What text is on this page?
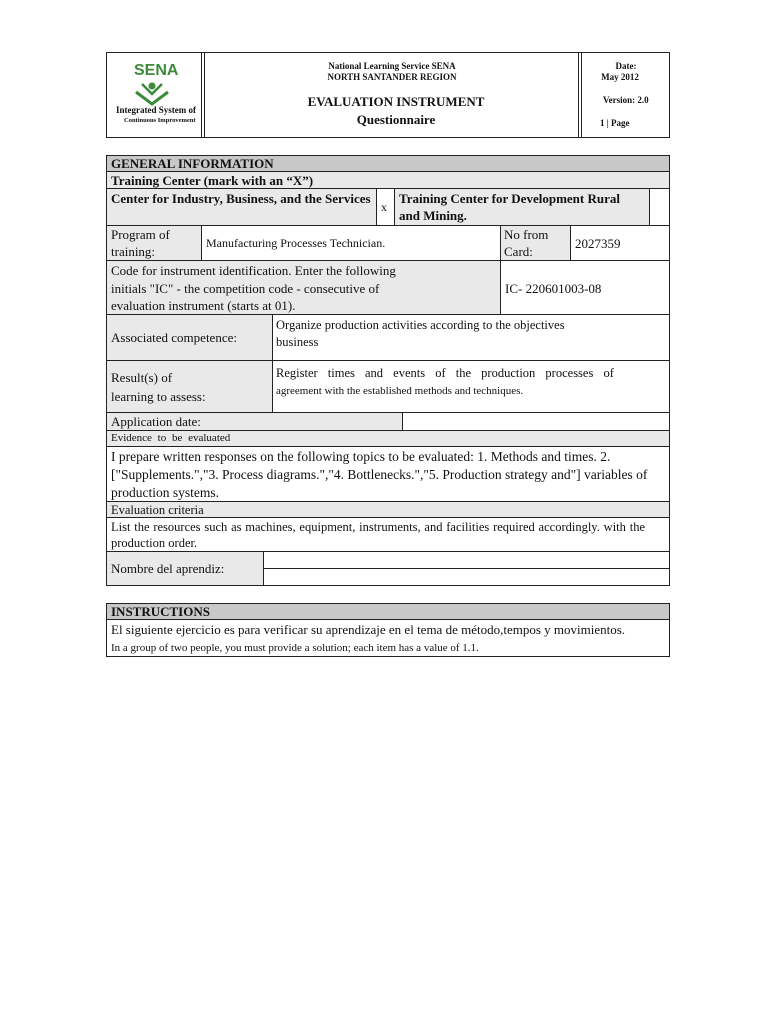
SENA
Integrated System of
Continuous Improvement
National Learning Service SENA
NORTH SANTANDER REGION
EVALUATION INSTRUMENT
Questionnaire
Date:
May 2012
Version: 2.0
1 | Page
GENERAL INFORMATION
Training Center (mark with an “X”)
Center for Industry, Business, and the Services
x
Training Center for Development Rural and Mining.
Program of training:
Manufacturing Processes Technician.
No from Card:
2027359
Code for instrument identification. Enter the following initials "IC" - the competition code - consecutive of evaluation instrument (starts at 01).
IC- 220601003-08
Associated competence:
Organize production activities according to the objectives business
Result(s) of
learning to assess:
Register times and events of the production processes of
agreement with the established methods and techniques.
Application date:
Evidence to be evaluated
I prepare written responses on the following topics to be evaluated: 1. Methods and times. 2. ["Supplements.","3. Process diagrams.","4. Bottlenecks.","5. Production strategy and"] variables of production systems.
Evaluation criteria
List the resources such as machines, equipment, instruments, and facilities required accordingly. with the production order.
Nombre del aprendiz:
INSTRUCTIONS
El siguiente ejercicio es para verificar su aprendizaje en el tema de método,tempos y movimientos.
In a group of two people, you must provide a solution; each item has a value of 1.1.
